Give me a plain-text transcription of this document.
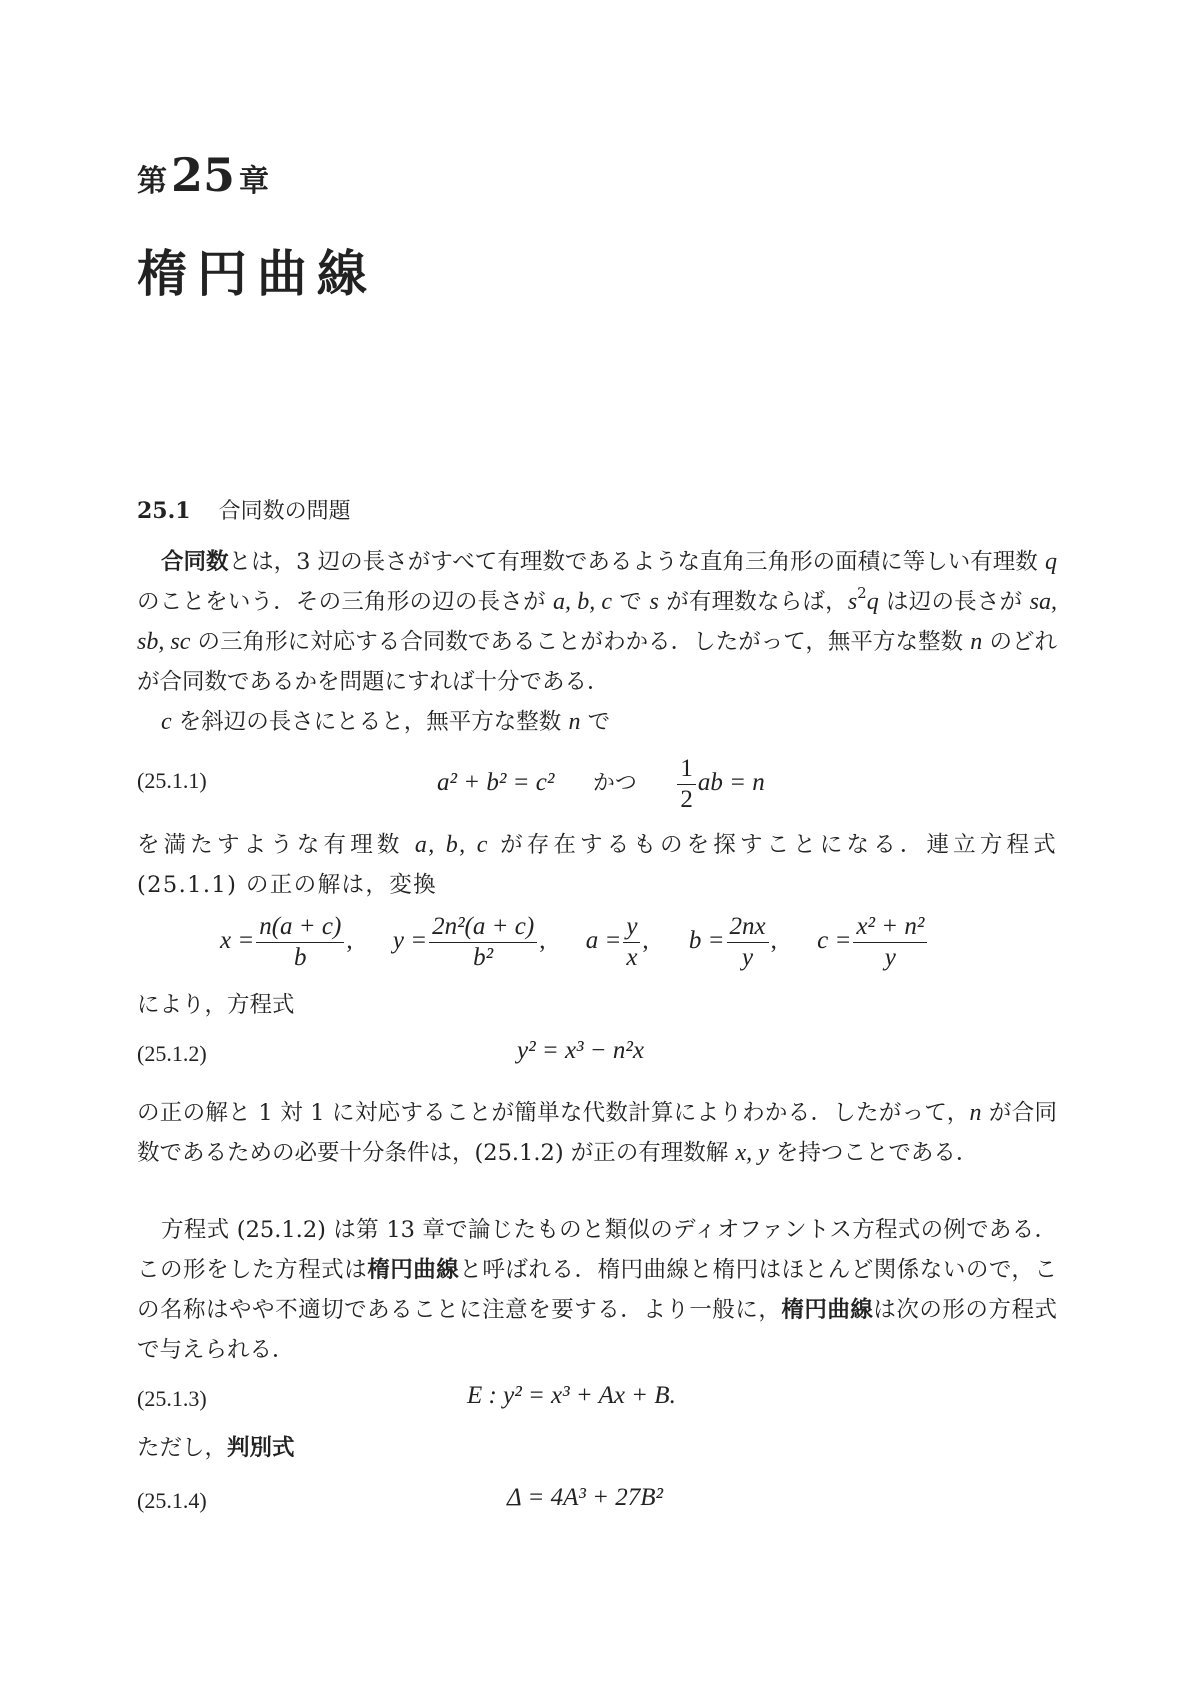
第25 章
楕円曲線
25.1 合同数の問題

合同数とは，3 辺の長さがすべて有理数であるような直角三角形の面積に等しい有理数 q のことをいう．その三角形の辺の長さが a, b, c で s が有理数ならば，$s^2q$ は辺の長さが sa, sb, sc の三角形に対応する合同数であることがわかる．したがって，無平方な整数 n のどれが合同数であるかを問題にすれば十分である．

c を斜辺の長さにとると，無平方な整数 n で

(25.1.1)	a² + b² = c² かつ $\frac{1}{2}$ ab = n

を満たすような有理数 a, b, c が存在するものを探すことになる．連立方程式 (25.1.1) の正の解は，変換

$x = \frac{n(a + c)}{b}$ , $y = \frac{\text{2n²(a + c)}}{\text{b²}}$ , $a = \frac{y}{x}$ , $b = \frac{2nx}{y}$ , $c = \frac{\text{x² + n²}}{y}$

により，方程式

(25.1.2)	y² = x³ − n²x

の正の解と 1 対 1 に対応することが簡単な代数計算によりわかる．したがって，n が合同数であるための必要十分条件は，(25.1.2) が正の有理数解 x, y を持つことである．

方程式 (25.1.2) は第 13 章で論じたものと類似のディオファントス方程式の例である．この形をした方程式は楕円曲線と呼ばれる．楕円曲線と楕円はほとんど関係ないので，この名称はやや不適切であることに注意を要する．より一般に，楕円曲線は次の形の方程式で与えられる．

(25.1.3)	E : y² = x³ + Ax + B.

ただし，判別式

(25.1.4)	Δ = 4A³ + 27B²
